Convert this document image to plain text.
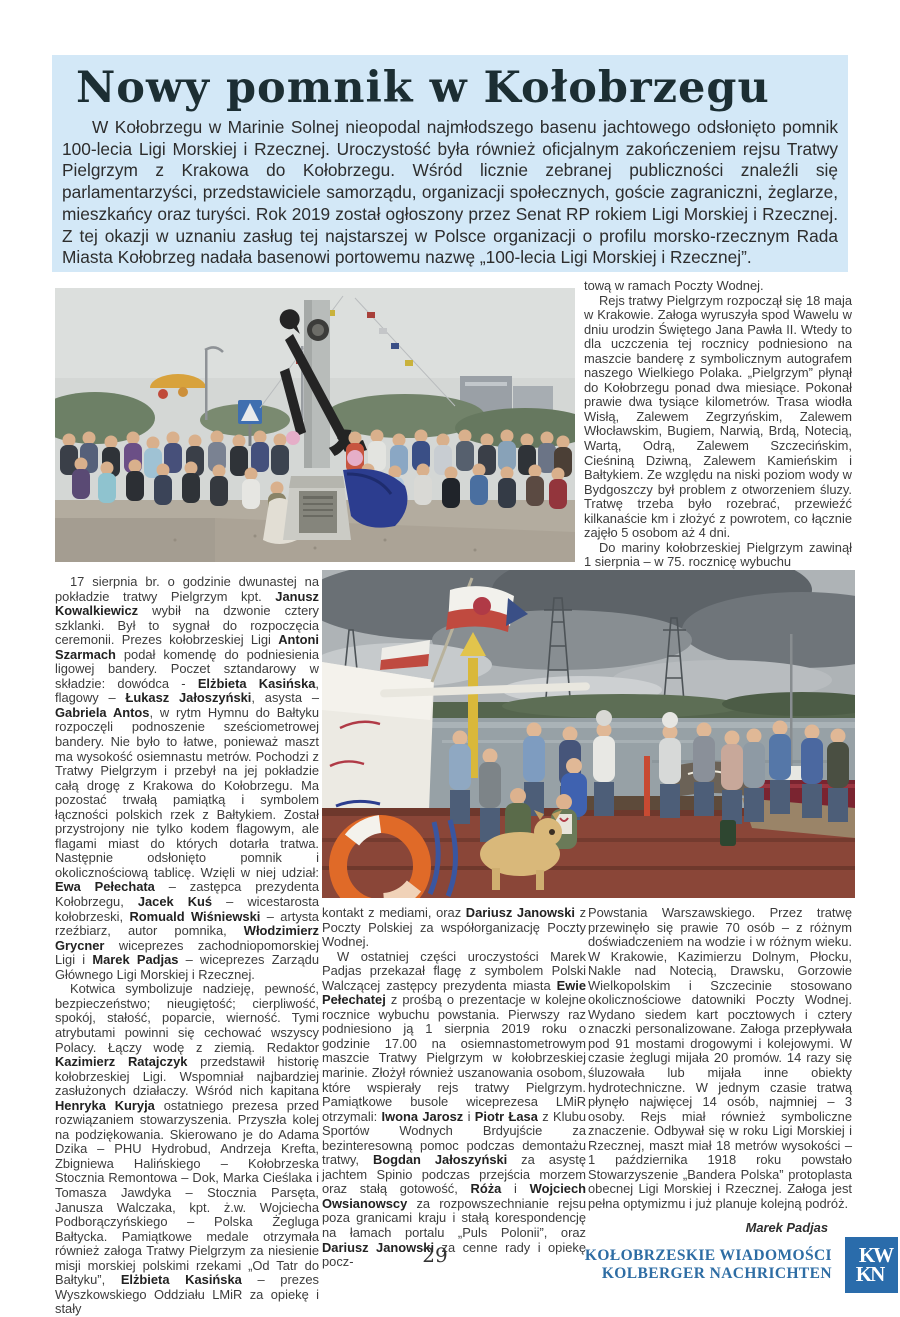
Nowy pomnik w Kołobrzegu

W Kołobrzegu w Marinie Solnej nieopodal najmłodszego basenu jachtowego odsłonięto pomnik 100-lecia Ligi Morskiej i Rzecznej. Uroczystość była również oficjalnym zakończeniem rejsu Tratwy Pielgrzym z Krakowa do Kołobrzegu. Wśród licznie zebranej publiczności znaleźli się parlamentarzyści, przedstawiciele samorządu, organizacji społecznych, goście zagraniczni, żeglarze, mieszkańcy oraz turyści. Rok 2019 został ogłoszony przez Senat RP rokiem Ligi Morskiej i Rzecznej. Z tej okazji w uznaniu zasług tej najstarszej w Polsce organizacji o profilu morsko-rzecznym Rada Miasta Kołobrzeg nadała basenowi portowemu nazwę „100-lecia Ligi Morskiej i Rzecznej”.

tową w ramach Poczty Wodnej.

Rejs tratwy Pielgrzym rozpoczął się 18 maja w Krakowie. Załoga wyruszyła spod Wawelu w dniu urodzin Świętego Jana Pawła II. Wtedy to dla uczczenia tej rocznicy podniesiono na maszcie banderę z symbolicznym autografem naszego Wielkiego Polaka. „Pielgrzym” płynął do Kołobrzegu ponad dwa miesiące. Pokonał prawie dwa tysiące kilometrów. Trasa wiodła Wisłą, Zalewem Zegrzyńskim, Zalewem Włocławskim, Bugiem, Narwią, Brdą, Notecią, Wartą, Odrą, Zalewem Szczecińskim, Cieśniną Dziwną, Zalewem Kamieńskim i Bałtykiem. Ze względu na niski poziom wody w Bydgoszczy był problem z otworzeniem śluzy. Tratwę trzeba było rozebrać, przewieźć kilkanaście km i złożyć z powrotem, co łącznie zajęło 5 osobom aż 4 dni.

Do mariny kołobrzeskiej Pielgrzym zawinął 1 sierpnia – w 75. rocznicę wybuchu

17 sierpnia br. o godzinie dwunastej na pokładzie tratwy Pielgrzym kpt. Janusz Kowalkiewicz wybił na dzwonie cztery szklanki. Był to sygnał do rozpoczęcia ceremonii. Prezes kołobrzeskiej Ligi Antoni Szarmach podał komendę do podniesienia ligowej bandery. Poczet sztandarowy w składzie: dowódca - Elżbieta Kasińska, flagowy – Łukasz Jałoszyński, asysta – Gabriela Antos, w rytm Hymnu do Bałtyku rozpoczęli podnoszenie sześciometrowej bandery. Nie było to łatwe, ponieważ maszt ma wysokość osiemnastu metrów. Pochodzi z Tratwy Pielgrzym i przebył na jej pokładzie całą drogę z Krakowa do Kołobrzegu. Ma pozostać trwałą pamiątką i symbolem łączności polskich rzek z Bałtykiem. Został przystrojony nie tylko kodem flagowym, ale flagami miast do których dotarła tratwa. Następnie odsłonięto pomnik i okolicznościową tablicę. Wzięli w niej udział: Ewa Pełechata – zastępca prezydenta Kołobrzegu, Jacek Kuś – wicestarosta kołobrzeski, Romuald Wiśniewski – artysta rzeźbiarz, autor pomnika, Włodzimierz Grycner wiceprezes zachodniopomorskiej Ligi i Marek Padjas – wiceprezes Zarządu Głównego Ligi Morskiej i Rzecznej.

Kotwica symbolizuje nadzieję, pewność, bezpieczeństwo; nieugiętość; cierpliwość, spokój, stałość, poparcie, wierność. Tymi atrybutami powinni się cechować wszyscy Polacy. Łączy wodę z ziemią. Redaktor Kazimierz Ratajczyk przedstawił historię kołobrzeskiej Ligi. Wspomniał najbardziej zasłużonych działaczy. Wśród nich kapitana Henryka Kuryja ostatniego prezesa przed rozwiązaniem stowarzyszenia. Przyszła kolej na podziękowania. Skierowano je do Adama Dzika – PHU Hydrobud, Andrzeja Krefta, Zbigniewa Halińskiego – Kołobrzeska Stocznia Remontowa – Dok, Marka Cieślaka i Tomasza Jawdyka – Stocznia Parsęta, Janusza Walczaka, kpt. ż.w. Wojciecha Podborączyńskiego – Polska Żegluga Bałtycka. Pamiątkowe medale otrzymała również załoga Tratwy Pielgrzym za niesienie misji morskiej polskimi rzekami „Od Tatr do Bałtyku”, Elżbieta Kasińska – prezes Wyszkowskiego Oddziału LMiR za opiekę i stały

kontakt z mediami, oraz Dariusz Janowski z Poczty Polskiej za współorganizację Poczty Wodnej.

W ostatniej części uroczystości Marek Padjas przekazał flagę z symbolem Polski Walczącej zastępcy prezydenta miasta Ewie Pełechatej z prośbą o prezentacje w kolejne rocznice wybuchu powstania. Pierwszy raz podniesiono ją 1 sierpnia 2019 roku o godzinie 17.00 na osiemnastometrowym maszcie Tratwy Pielgrzym w kołobrzeskiej marinie. Złożył również uszanowania osobom, które wspierały rejs tratwy Pielgrzym. Pamiątkowe busole wiceprezesa LMiR otrzymali: Iwona Jarosz i Piotr Łasa z Klubu Sportów Wodnych Brdyujście za bezinteresowną pomoc podczas demontażu tratwy, Bogdan Jałoszyński za asystę jachtem Spinio podczas przejścia morzem oraz stałą gotowość, Róża i Wojciech Owsianowscy za rozpowszechnianie rejsu poza granicami kraju i stałą korespondencję na łamach portalu „Puls Polonii”, oraz Dariusz Janowski za cenne rady i opiekę pocz-

Powstania Warszawskiego. Przez tratwę przewinęło się prawie 70 osób – z różnym doświadczeniem na wodzie i w różnym wieku. W Krakowie, Kazimierzu Dolnym, Płocku, Nakle nad Notecią, Drawsku, Gorzowie Wielkopolskim i Szczecinie stosowano okolicznościowe datowniki Poczty Wodnej. Wydano siedem kart pocztowych i cztery znaczki personalizowane. Załoga przepływała pod 91 mostami drogowymi i kolejowymi. W czasie żeglugi mijała 20 promów. 14 razy się śluzowała lub mijała inne obiekty hydrotechniczne. W jednym czasie tratwą płynęło najwięcej 14 osób, najmniej – 3 osoby. Rejs miał również symboliczne znaczenie. Odbywał się w roku Ligi Morskiej i Rzecznej, maszt miał 18 metrów wysokości – 1 października 1918 roku powstało Stowarzyszenie „Bandera Polska” protoplasta obecnej Ligi Morskiej i Rzecznej. Załoga jest pełna optymizmu i już planuje kolejną podróż.

Marek Padjas

29	KOŁOBRZESKIE WIADOMOŚCI
KOLBERGER NACHRICHTEN
KW
KN
